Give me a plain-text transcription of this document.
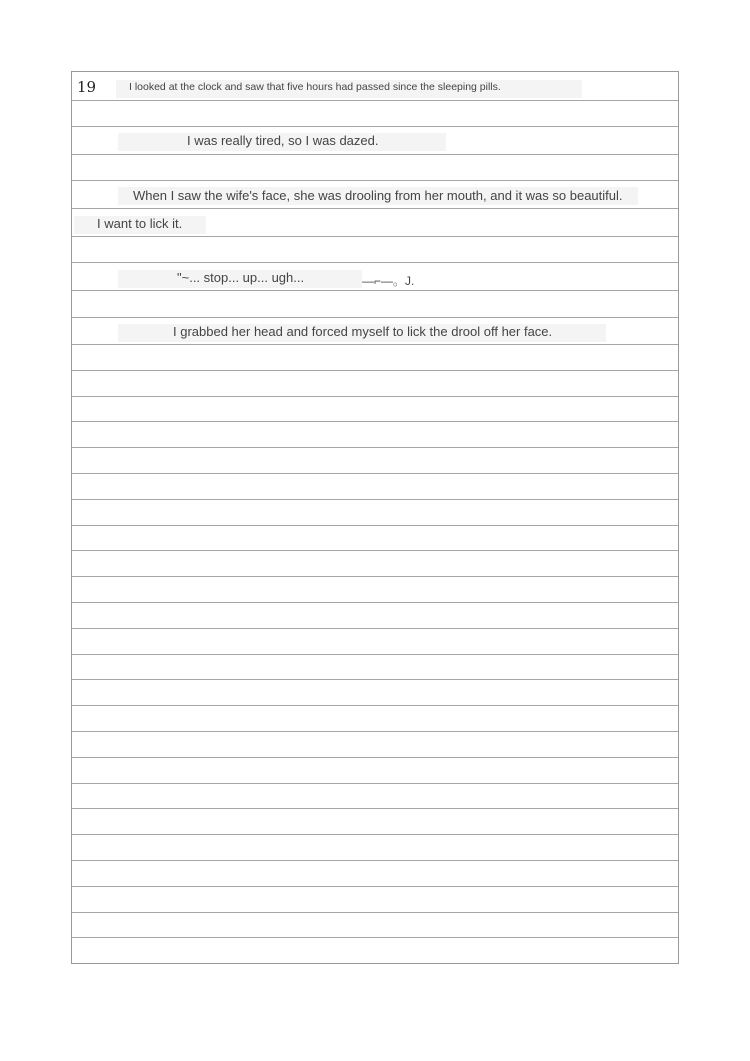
19	I looked at the clock and saw that five hours had passed since the sleeping pills.
I was really tired, so I was dazed.
When I saw the wife's face, she was drooling from her mouth, and it was so beautiful.
I want to lick it.
"~... stop... up... ugh...	—⌐—。J.
I grabbed her head and forced myself to lick the drool off her face.
